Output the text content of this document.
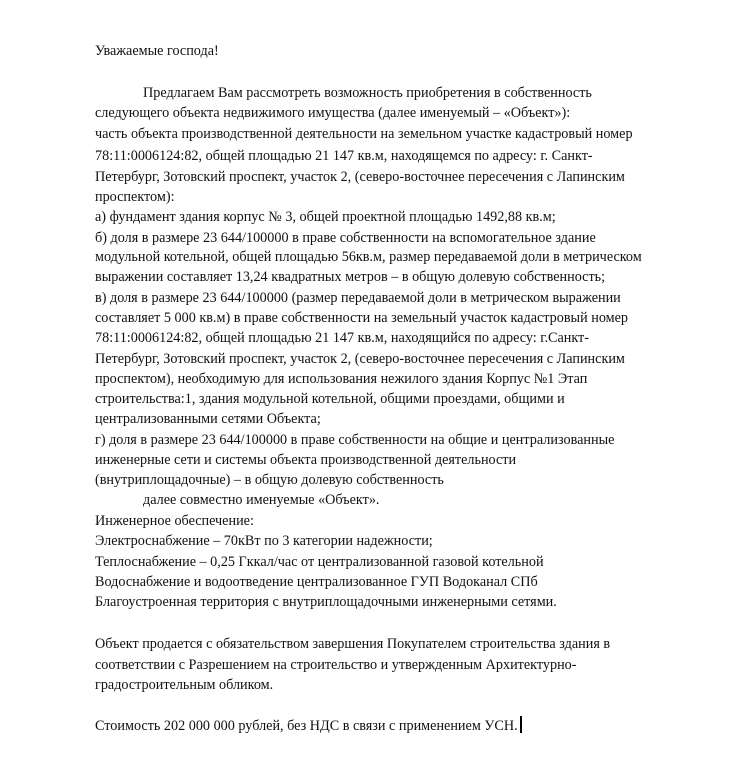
Уважаемые господа!
Предлагаем Вам рассмотреть возможность приобретения в собственность
следующего объекта недвижимого имущества (далее именуемый – «Объект»):
часть объекта производственной деятельности на земельном участке кадастровый номер
78:11:0006124:82, общей площадью 21 147 кв.м, находящемся по адресу: г. Санкт-
Петербург, Зотовский проспект, участок 2, (северо-восточнее пересечения с Лапинским
проспектом):
а) фундамент здания корпус № 3, общей проектной площадью 1492,88 кв.м;
б) доля в размере 23 644/100000 в праве собственности на вспомогательное здание
модульной котельной, общей площадью 56кв.м, размер передаваемой доли в метрическом
выражении составляет 13,24 квадратных метров – в общую долевую собственность;
в) доля в размере 23 644/100000 (размер передаваемой доли в метрическом выражении
составляет 5 000 кв.м) в праве собственности на земельный участок кадастровый номер
78:11:0006124:82, общей площадью 21 147 кв.м, находящийся по адресу: г.Санкт-
Петербург, Зотовский проспект, участок 2, (северо-восточнее пересечения с Лапинским
проспектом), необходимую для использования нежилого здания Корпус №1 Этап
строительства:1, здания модульной котельной, общими проездами, общими и
централизованными сетями Объекта;
г) доля в размере 23 644/100000 в праве собственности на общие и централизованные
инженерные сети и системы объекта производственной деятельности
(внутриплощадочные) – в общую долевую собственность
далее совместно именуемые «Объект».
Инженерное обеспечение:
Электроснабжение – 70кВт по 3 категории надежности;
Теплоснабжение – 0,25 Гккал/час от централизованной газовой котельной
Водоснабжение и водоотведение централизованное ГУП Водоканал СПб
Благоустроенная территория с внутриплощадочными инженерными сетями.
Объект продается с обязательством завершения Покупателем строительства здания в
соответствии с Разрешением на строительство и утвержденным Архитектурно-
градостроительным обликом.
Стоимость 202 000 000 рублей, без НДС в связи с применением УСН.
